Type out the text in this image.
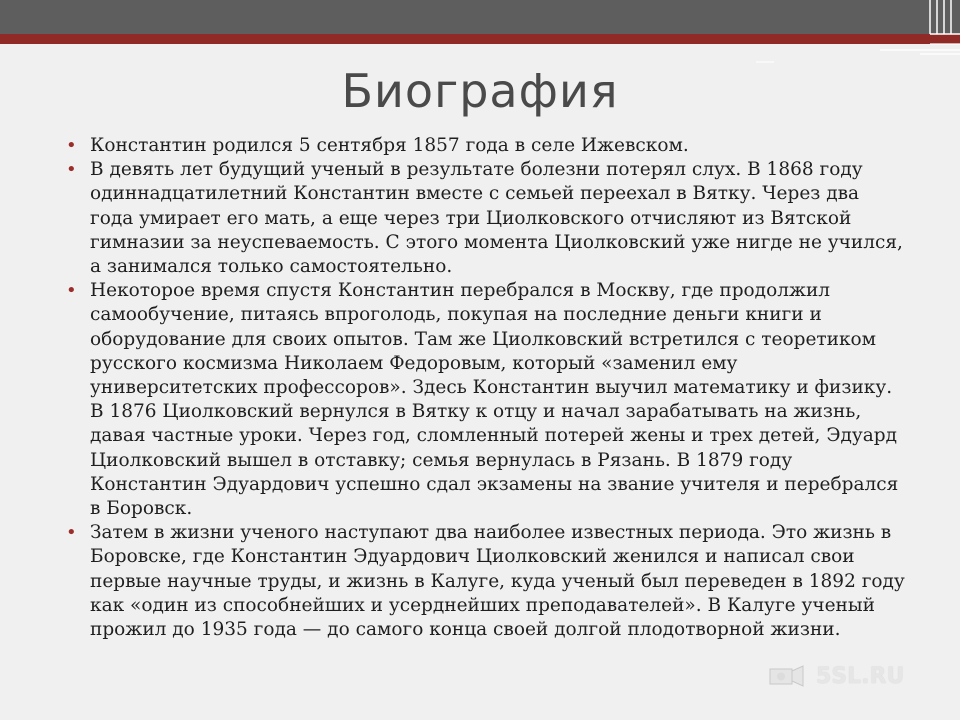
Биография
• Константин родился 5 сентября 1857 года в селе Ижевском.
• В девять лет будущий ученый в результате болезни потерял слух. В 1868 году одиннадцатилетний Константин вместе с семьей переехал в Вятку. Через два года умирает его мать, а еще через три Циолковского отчисляют из Вятской гимназии за неуспеваемость. С этого момента Циолковский уже нигде не учился, а занимался только самостоятельно.
• Некоторое время спустя Константин перебрался в Москву, где продолжил самообучение, питаясь впроголодь, покупая на последние деньги книги и оборудование для своих опытов. Там же Циолковский встретился с теоретиком русского космизма Николаем Федоровым, который «заменил ему университетских профессоров». Здесь Константин выучил математику и физику. В 1876 Циолковский вернулся в Вятку к отцу и начал зарабатывать на жизнь, давая частные уроки. Через год, сломленный потерей жены и трех детей, Эдуард Циолковский вышел в отставку; семья вернулась в Рязань. В 1879 году Константин Эдуардович успешно сдал экзамены на звание учителя и перебрался в Боровск.
• Затем в жизни ученого наступают два наиболее известных периода. Это жизнь в Боровске, где Константин Эдуардович Циолковский женился и написал свои первые научные труды, и жизнь в Калуге, куда ученый был переведен в 1892 году как «один из способнейших и усерднейших преподавателей». В Калуге ученый прожил до 1935 года — до самого конца своей долгой плодотворной жизни.
5SL.RU
